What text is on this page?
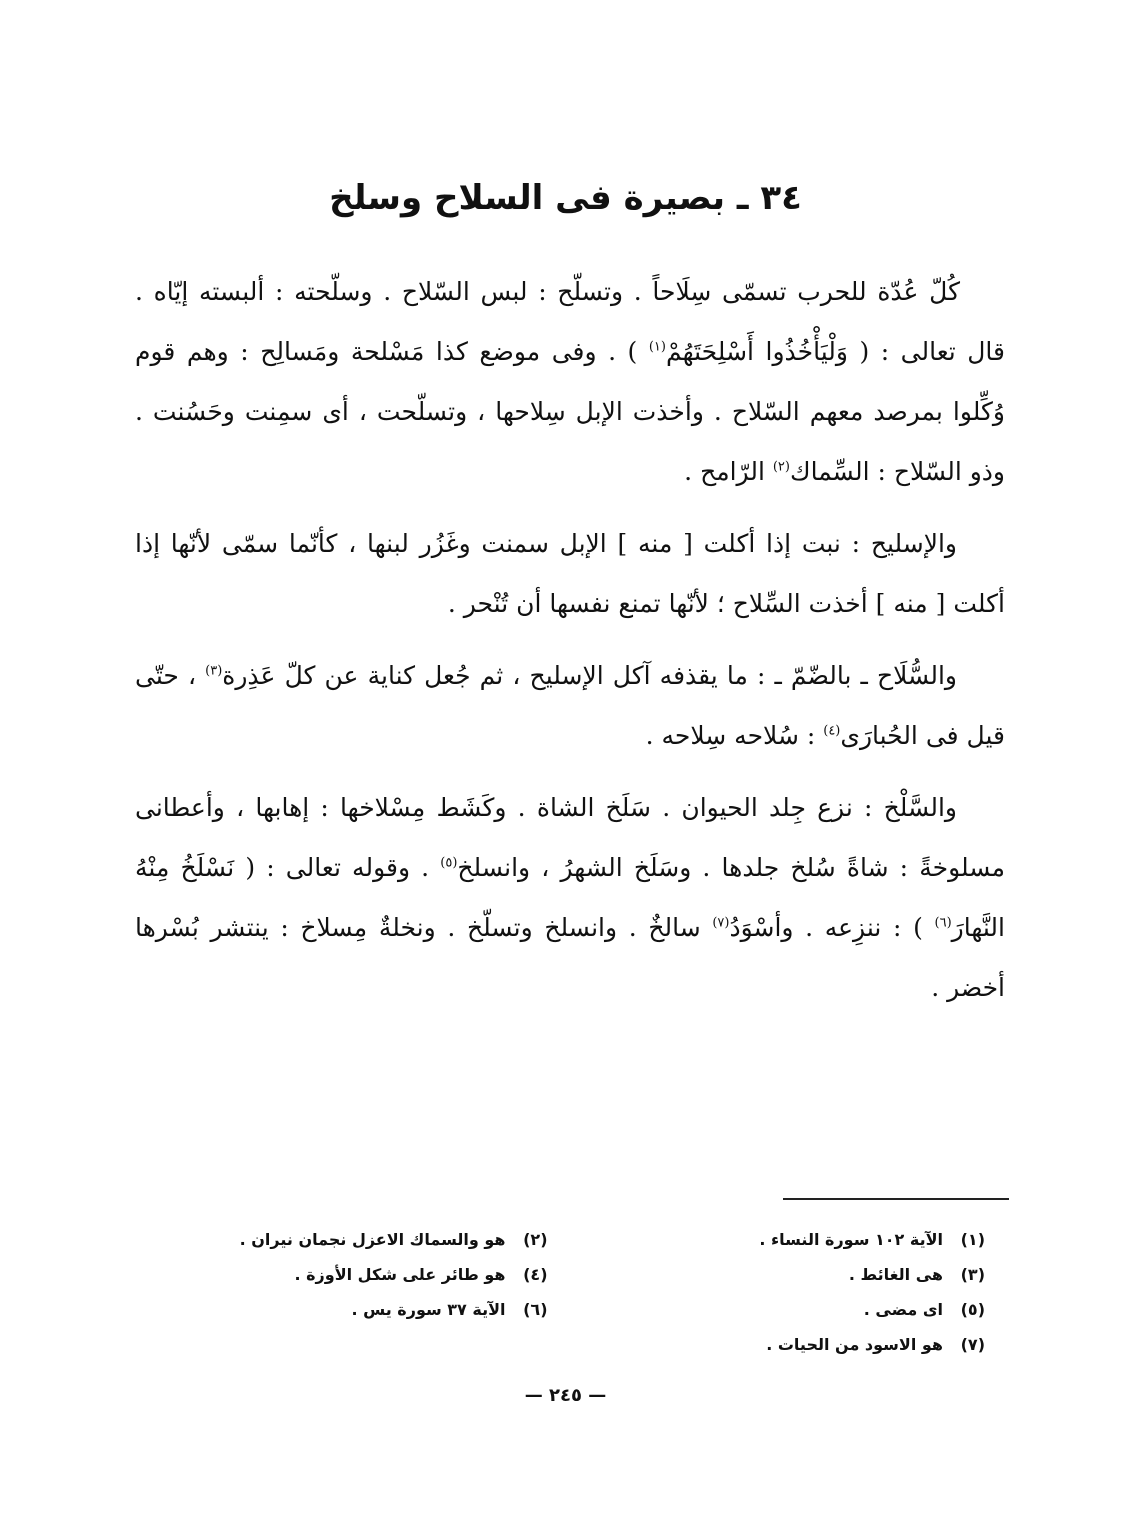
٣٤ ـ بصيرة فى السلاح وسلخ

كُلّ عُدّة للحرب تسمّى سِلَاحاً . وتسلّح : لبس السّلاح . وسلّحته : ألبسته إيّاه . قال تعالى : ( وَلْيَأْخُذُوا أَسْلِحَتَهُمْ$^{(١)}$ ) . وفى موضع كذا مَسْلحة ومَسالِح : وهم قوم وُكِّلوا بمرصد معهم السّلاح . وأخذت الإبل سِلاحها ، وتسلّحت ، أى سمِنت وحَسُنت . وذو السّلاح : السِّماك$^{(٢)}$ الرّامح .

والإسليح : نبت إذا أكلت [ منه ] الإبل سمنت وغَزُر لبنها ، كأنّما سمّى لأنّها إذا أكلت [ منه ] أخذت السِّلاح ؛ لأنّها تمنع نفسها أن تُنْحر .

والسُّلَاح ـ بالضّمّ ـ : ما يقذفه آكل الإسليح ، ثم جُعل كناية عن كلّ عَذِرة$^{(٣)}$ ، حتّى قيل فى الحُبارَى$^{(٤)}$ : سُلاحه سِلاحه .

والسَّلْخ : نزع جِلد الحيوان . سَلَخ الشاة . وكَشَط مِسْلاخها : إهابها ، وأعطانى مسلوخةً : شاةً سُلخ جلدها . وسَلَخ الشهرُ ، وانسلخ$^{(٥)}$ . وقوله تعالى : ( نَسْلَخُ مِنْهُ النَّهارَ$^{(٦)}$ ) : ننزِعه . وأسْوَدُ$^{(٧)}$ سالخٌ . وانسلخ وتسلّخ . ونخلةٌ مِسلاخ : ينتشر بُسْرها أخضر .

(١)الآية ١٠٢ سورة النساء .
(٣)هى الغائط .
(٥)اى مضى .
(٧)هو الاسود من الحيات .
(٢)هو والسماك الاعزل نجمان نيران .
(٤)هو طائر على شكل الأوزة .
(٦)الآية ٣٧ سورة يس .
— ٢٤٥ —
